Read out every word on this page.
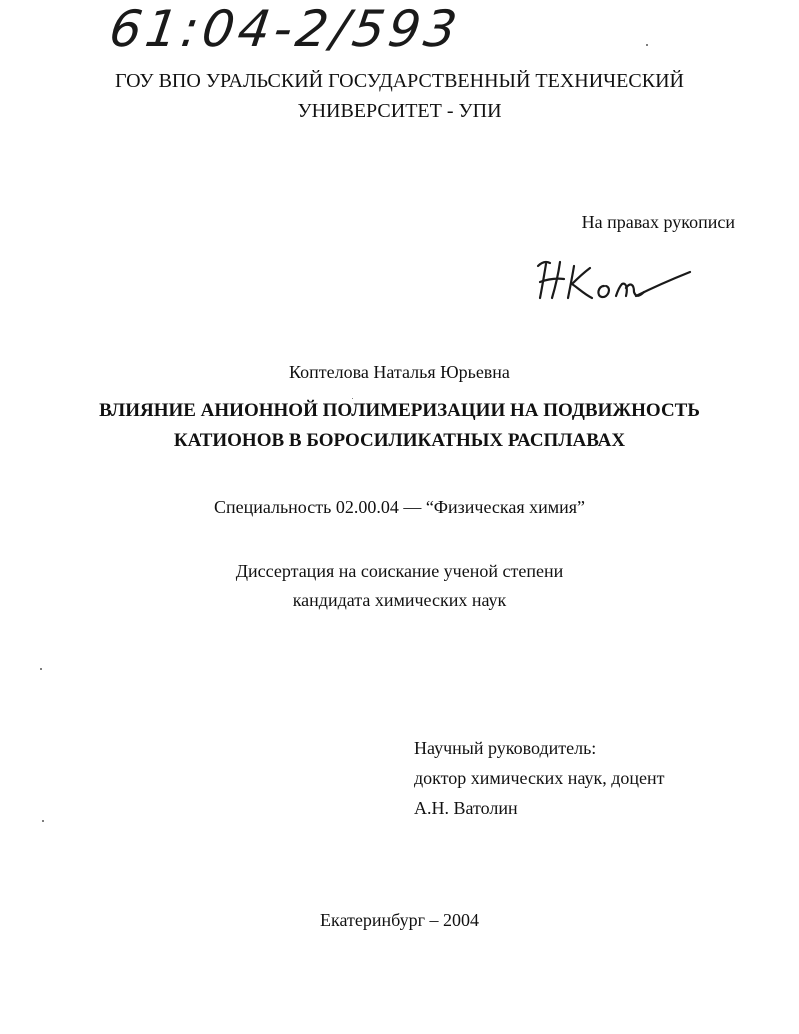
61:04-2/593

ГОУ ВПО УРАЛЬСКИЙ ГОСУДАРСТВЕННЫЙ ТЕХНИЧЕСКИЙ

УНИВЕРСИТЕТ - УПИ

На правах рукописи

Коптелова Наталья Юрьевна

ВЛИЯНИЕ АНИОННОЙ ПОЛИМЕРИЗАЦИИ НА ПОДВИЖНОСТЬ

КАТИОНОВ В БОРОСИЛИКАТНЫХ РАСПЛАВАХ

Специальность 02.00.04 — “Физическая химия”

Диссертация на соискание ученой степени

кандидата химических наук

Научный руководитель:

доктор химических наук, доцент

А.Н. Ватолин

Екатеринбург – 2004
